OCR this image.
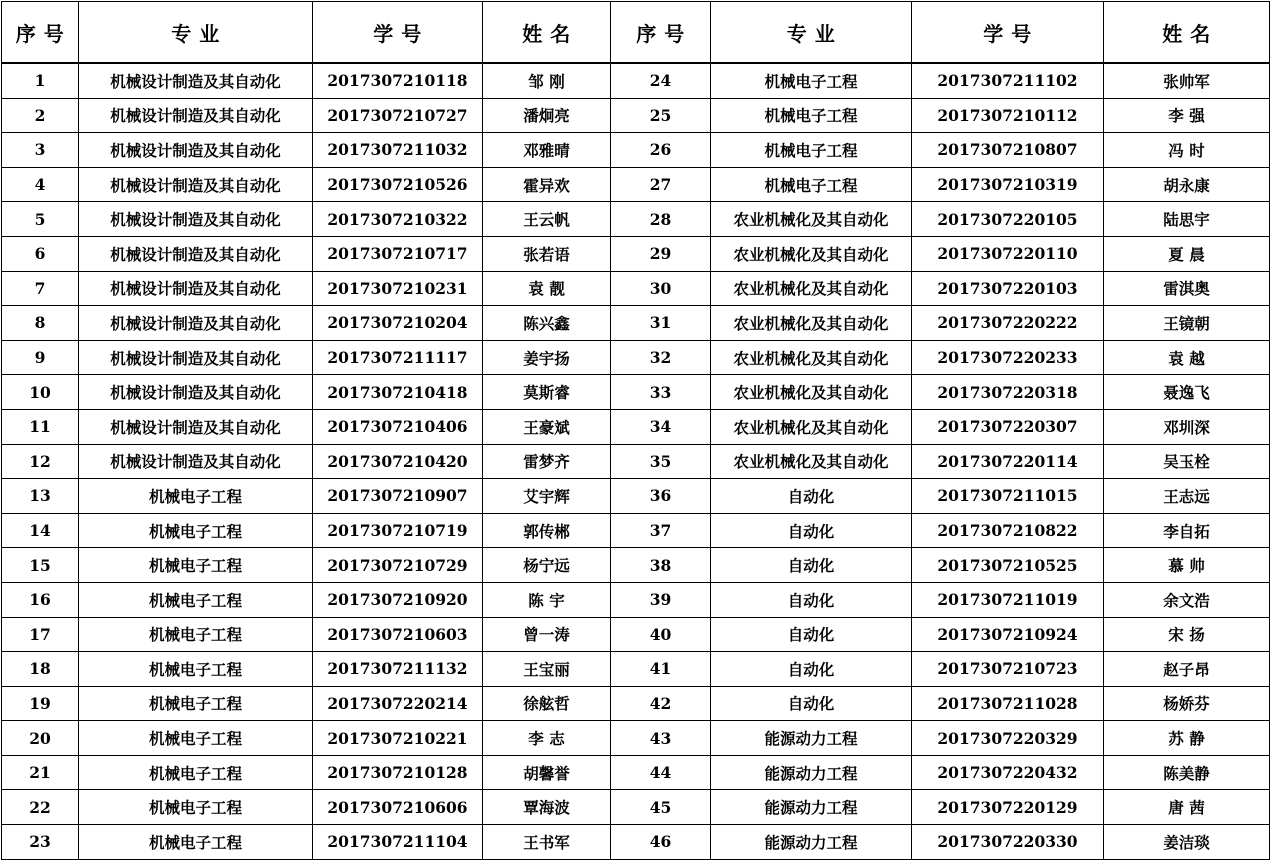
序 号	专 业	学 号	姓 名	序 号	专 业	学 号	姓 名
1	机械设计制造及其自动化	2017307210118	邹 刚	24	机械电子工程	2017307211102	张帅军
2	机械设计制造及其自动化	2017307210727	潘炯亮	25	机械电子工程	2017307210112	李 强
3	机械设计制造及其自动化	2017307211032	邓雅晴	26	机械电子工程	2017307210807	冯 时
4	机械设计制造及其自动化	2017307210526	霍异欢	27	机械电子工程	2017307210319	胡永康
5	机械设计制造及其自动化	2017307210322	王云帆	28	农业机械化及其自动化	2017307220105	陆思宇
6	机械设计制造及其自动化	2017307210717	张若语	29	农业机械化及其自动化	2017307220110	夏 晨
7	机械设计制造及其自动化	2017307210231	袁 靓	30	农业机械化及其自动化	2017307220103	雷淇奥
8	机械设计制造及其自动化	2017307210204	陈兴鑫	31	农业机械化及其自动化	2017307220222	王镜朝
9	机械设计制造及其自动化	2017307211117	姜宇扬	32	农业机械化及其自动化	2017307220233	袁 越
10	机械设计制造及其自动化	2017307210418	莫斯睿	33	农业机械化及其自动化	2017307220318	聂逸飞
11	机械设计制造及其自动化	2017307210406	王豪斌	34	农业机械化及其自动化	2017307220307	邓圳深
12	机械设计制造及其自动化	2017307210420	雷梦齐	35	农业机械化及其自动化	2017307220114	吴玉栓
13	机械电子工程	2017307210907	艾宇辉	36	自动化	2017307211015	王志远
14	机械电子工程	2017307210719	郭传郴	37	自动化	2017307210822	李自拓
15	机械电子工程	2017307210729	杨宁远	38	自动化	2017307210525	慕 帅
16	机械电子工程	2017307210920	陈 宇	39	自动化	2017307211019	余文浩
17	机械电子工程	2017307210603	曾一涛	40	自动化	2017307210924	宋 扬
18	机械电子工程	2017307211132	王宝丽	41	自动化	2017307210723	赵子昂
19	机械电子工程	2017307220214	徐舷哲	42	自动化	2017307211028	杨娇芬
20	机械电子工程	2017307210221	李 志	43	能源动力工程	2017307220329	苏 静
21	机械电子工程	2017307210128	胡馨誉	44	能源动力工程	2017307220432	陈美静
22	机械电子工程	2017307210606	覃海波	45	能源动力工程	2017307220129	唐 茜
23	机械电子工程	2017307211104	王书军	46	能源动力工程	2017307220330	姜洁琰
